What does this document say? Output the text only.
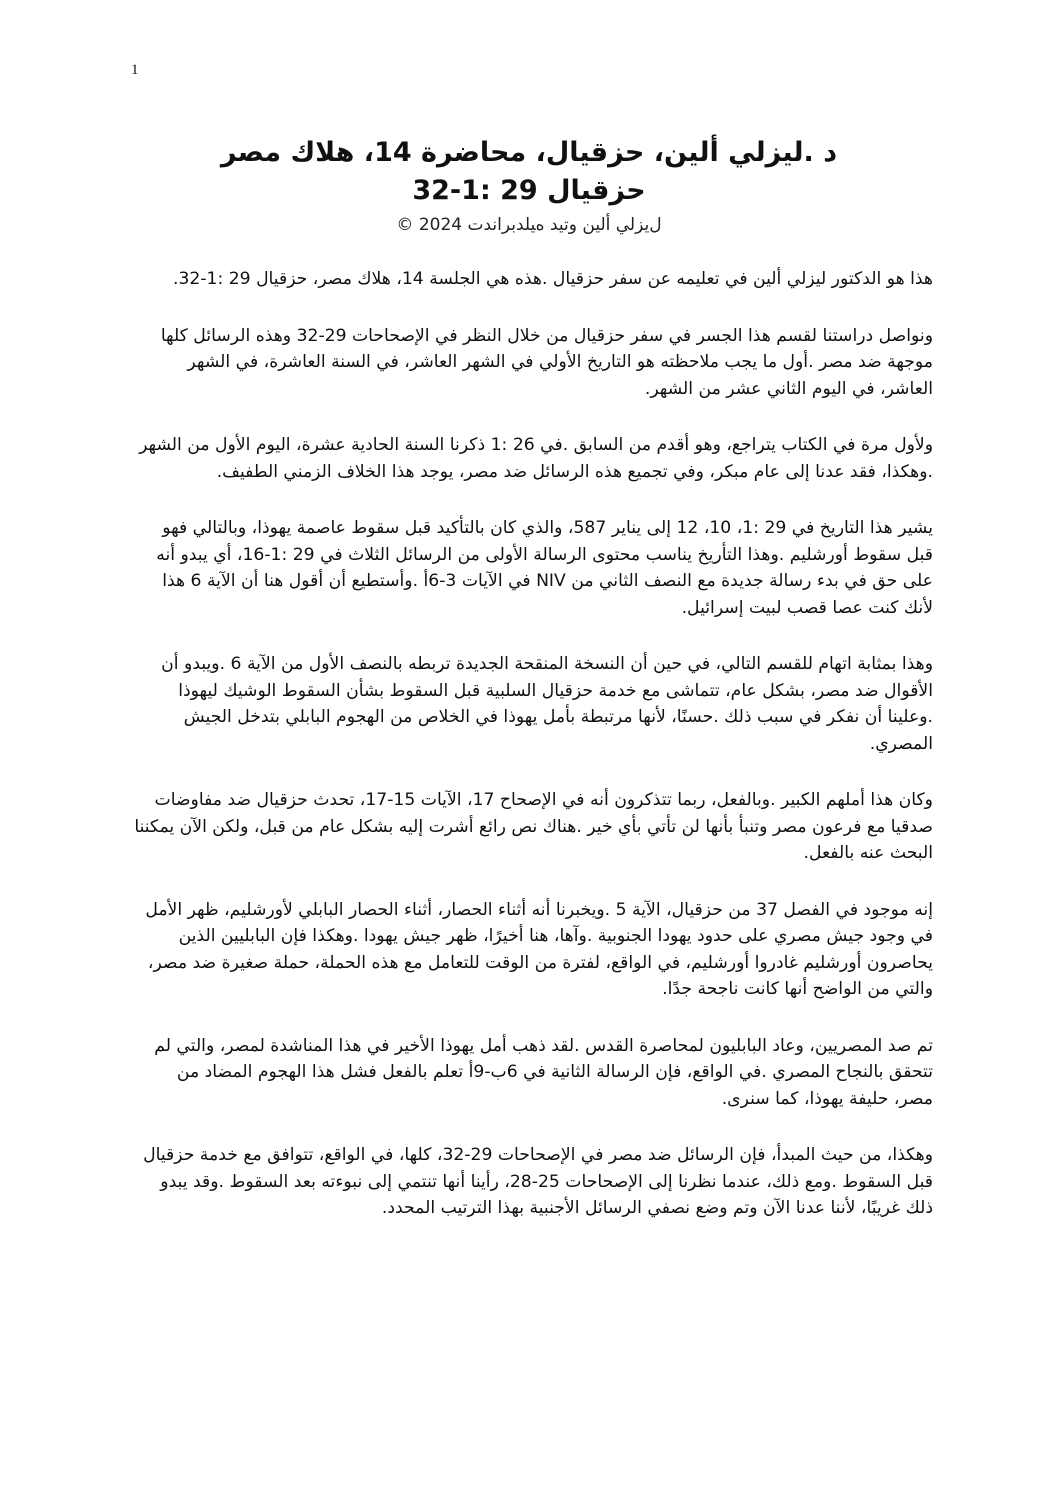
1

د .ليزلي ألين، حزقيال، محاضرة 14، هلاك مصر

حزقيال 29 :1-32

لﻳﺰﻟﻲ أﻟﻴﻦ وﺗﻴﺪ هﻴﻠﺪﺑﺮاﻧﺪت 2024 ©

هذا هو الدكتور ليزلي ألين في تعليمه عن سفر حزقيال .هذه هي الجلسة 14، هلاك مصر، حزقيال 29 :1-32.

ونواصل دراستنا لقسم هذا الجسر في سفر حزقيال من خلال النظر في الإصحاحات 29-32 وهذه الرسائل كلها موجهة ضد مصر .أول ما يجب ملاحظته هو التاريخ الأولي في الشهر العاشر، في السنة العاشرة، في الشهر العاشر، في اليوم الثاني عشر من الشهر.

ولأول مرة في الكتاب يتراجع، وهو أقدم من السابق .في 26 :1 ذكرنا السنة الحادية عشرة، اليوم الأول من الشهر .وهكذا، فقد عدنا إلى عام مبكر، وفي تجميع هذه الرسائل ضد مصر، يوجد هذا الخلاف الزمني الطفيف.

يشير هذا التاريخ في 29 :1، 10، 12 إلى يناير 587، والذي كان بالتأكيد قبل سقوط عاصمة يهوذا، وبالتالي فهو قبل سقوط أورشليم .وهذا التأريخ يناسب محتوى الرسالة الأولى من الرسائل الثلاث في 29 :1-16، أي يبدو أنه على حق في بدء رسالة جديدة مع النصف الثاني من NIV في الآيات 3-6أ .وأستطيع أن أقول هنا أن الآية 6 هذا لأنك كنت عصا قصب لبيت إسرائيل.

وهذا بمثابة اتهام للقسم التالي، في حين أن النسخة المنقحة الجديدة تربطه بالنصف الأول من الآية 6 .ويبدو أن الأقوال ضد مصر، بشكل عام، تتماشى مع خدمة حزقيال السلبية قبل السقوط بشأن السقوط الوشيك ليهوذا .وعلينا أن نفكر في سبب ذلك .حسنًا، لأنها مرتبطة بأمل يهوذا في الخلاص من الهجوم البابلي بتدخل الجيش المصري.

وكان هذا أملهم الكبير .وبالفعل، ربما تتذكرون أنه في الإصحاح 17، الآيات 15-17، تحدث حزقيال ضد مفاوضات صدقيا مع فرعون مصر وتنبأ بأنها لن تأتي بأي خير .هناك نص رائع أشرت إليه بشكل عام من قبل، ولكن الآن يمكننا البحث عنه بالفعل.

إنه موجود في الفصل 37 من حزقيال، الآية 5 .ويخبرنا أنه أثناء الحصار، أثناء الحصار البابلي لأورشليم، ظهر الأمل في وجود جيش مصري على حدود يهودا الجنوبية .وآها، هنا أخيرًا، ظهر جيش يهودا .وهكذا فإن البابليين الذين يحاصرون أورشليم غادروا أورشليم، في الواقع، لفترة من الوقت للتعامل مع هذه الحملة، حملة صغيرة ضد مصر، والتي من الواضح أنها كانت ناجحة جدًا.

تم صد المصريين، وعاد البابليون لمحاصرة القدس .لقد ذهب أمل يهوذا الأخير في هذا المناشدة لمصر، والتي لم تتحقق بالنجاح المصري .في الواقع، فإن الرسالة الثانية في 6ب-9أ تعلم بالفعل فشل هذا الهجوم المضاد من مصر، حليفة يهوذا، كما سنرى.

وهكذا، من حيث المبدأ، فإن الرسائل ضد مصر في الإصحاحات 29-32، كلها، في الواقع، تتوافق مع خدمة حزقيال قبل السقوط .ومع ذلك، عندما نظرنا إلى الإصحاحات 25-28، رأينا أنها تنتمي إلى نبوءته بعد السقوط .وقد يبدو ذلك غريبًا، لأننا عدنا الآن وتم وضع نصفي الرسائل الأجنبية بهذا الترتيب المحدد.
